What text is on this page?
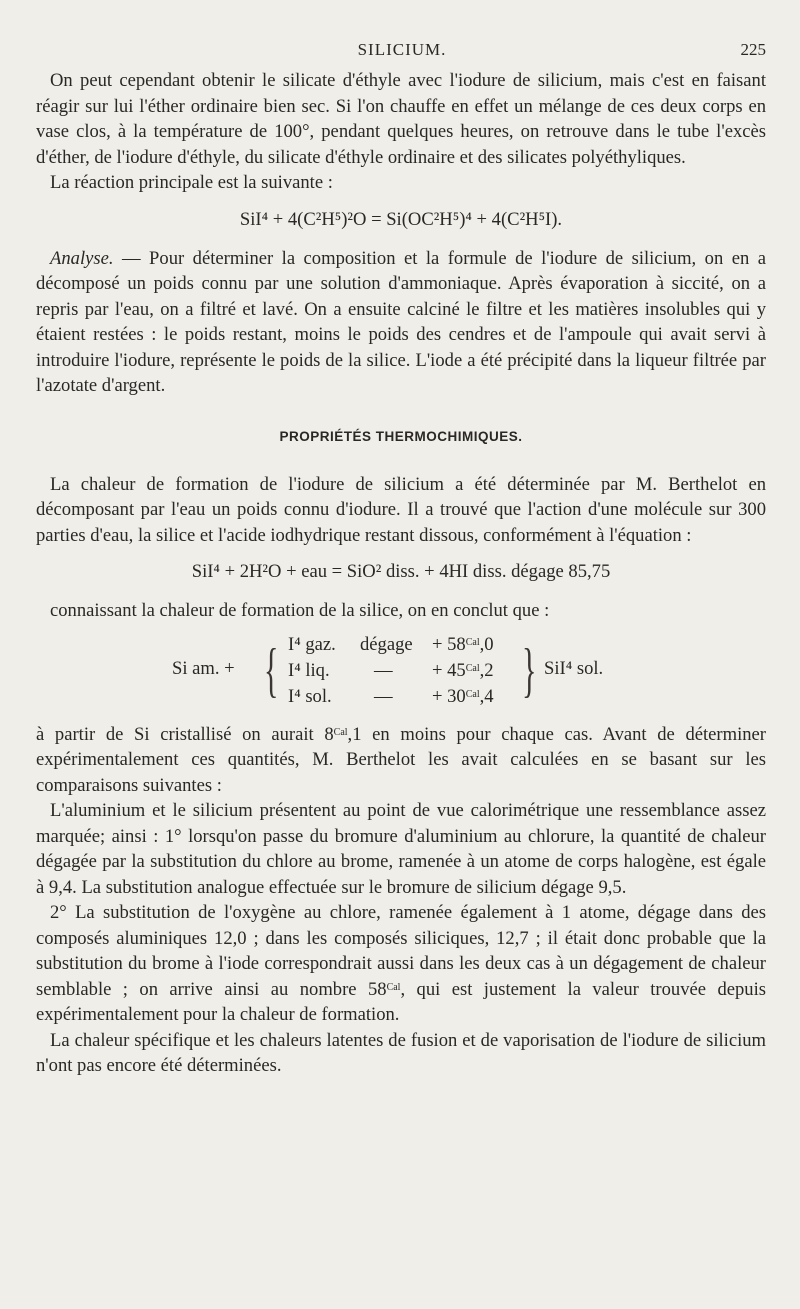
SILICIUM.	225

On peut cependant obtenir le silicate d'éthyle avec l'iodure de silicium, mais c'est en faisant réagir sur lui l'éther ordinaire bien sec. Si l'on chauffe en effet un mélange de ces deux corps en vase clos, à la température de 100°, pendant quelques heures, on retrouve dans le tube l'excès d'éther, de l'iodure d'éthyle, du silicate d'éthyle ordinaire et des silicates polyéthyliques.

La réaction principale est la suivante :

SiI⁴ + 4(C²H⁵)²O = Si(OC²H⁵)⁴ + 4(C²H⁵I).

Analyse. — Pour déterminer la composition et la formule de l'iodure de silicium, on en a décomposé un poids connu par une solution d'ammoniaque. Après évaporation à siccité, on a repris par l'eau, on a filtré et lavé. On a ensuite calciné le filtre et les matières insolubles qui y étaient restées : le poids restant, moins le poids des cendres et de l'ampoule qui avait servi à introduire l'iodure, représente le poids de la silice. L'iode a été précipité dans la liqueur filtrée par l'azotate d'argent.

PROPRIÉTÉS THERMOCHIMIQUES.

La chaleur de formation de l'iodure de silicium a été déterminée par M. Berthelot en décomposant par l'eau un poids connu d'iodure. Il a trouvé que l'action d'une molécule sur 300 parties d'eau, la silice et l'acide iodhydrique restant dissous, conformément à l'équation :

SiI⁴ + 2H²O + eau = SiO² diss. + 4HI diss. dégage 85,75

connaissant la chaleur de formation de la silice, on en conclut que :

Si am. + { I⁴ gaz. dégage + $58^{Cal},0$
I⁴ liq. — + $45^{Cal},2$
I⁴ sol. — + $30^{Cal},4$ } SiI⁴ sol.

à partir de Si cristallisé on aurait $8^{Cal},1$ en moins pour chaque cas. Avant de déterminer expérimentalement ces quantités, M. Berthelot les avait calculées en se basant sur les comparaisons suivantes :

L'aluminium et le silicium présentent au point de vue calorimétrique une ressemblance assez marquée; ainsi : 1° lorsqu'on passe du bromure d'aluminium au chlorure, la quantité de chaleur dégagée par la substitution du chlore au brome, ramenée à un atome de corps halogène, est égale à 9,4. La substitution analogue effectuée sur le bromure de silicium dégage 9,5.

2° La substitution de l'oxygène au chlore, ramenée également à 1 atome, dégage dans des composés aluminiques 12,0 ; dans les composés siliciques, 12,7 ; il était donc probable que la substitution du brome à l'iode correspondrait aussi dans les deux cas à un dégagement de chaleur semblable ; on arrive ainsi au nombre $58^{Cal}$, qui est justement la valeur trouvée depuis expérimentalement pour la chaleur de formation.

La chaleur spécifique et les chaleurs latentes de fusion et de vaporisation de l'iodure de silicium n'ont pas encore été déterminées.
